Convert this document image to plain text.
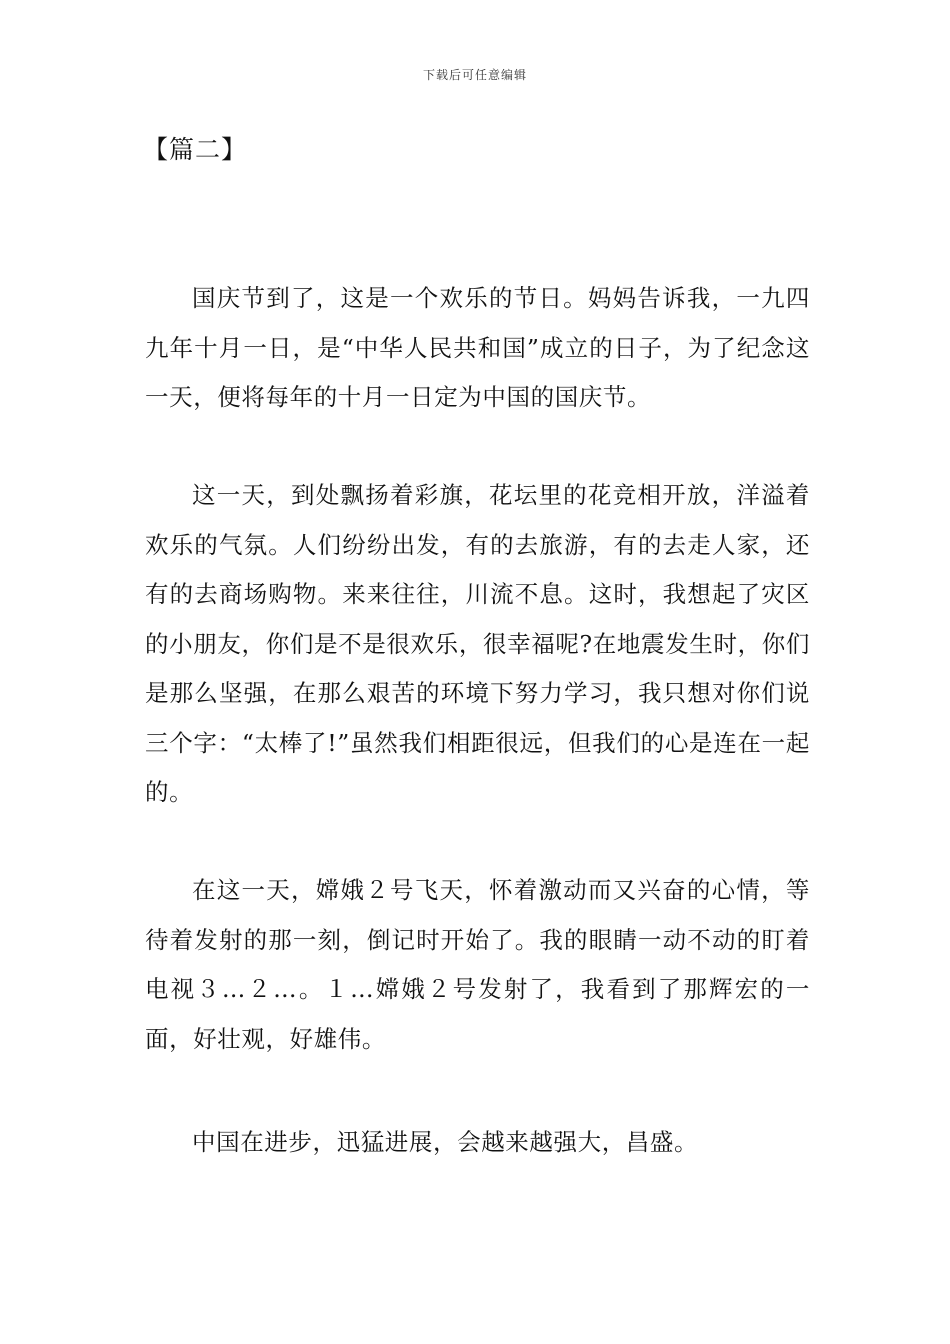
下载后可任意编辑
【篇二】

国庆节到了，这是一个欢乐的节日。妈妈告诉我，一九四九年十月一日，是“中华人民共和国”成立的日子，为了纪念这一天，便将每年的十月一日定为中国的国庆节。

这一天，到处飘扬着彩旗，花坛里的花竞相开放，洋溢着欢乐的气氛。人们纷纷出发，有的去旅游，有的去走人家，还有的去商场购物。来来往往，川流不息。这时，我想起了灾区的小朋友，你们是不是很欢乐，很幸福呢?在地震发生时，你们是那么坚强，在那么艰苦的环境下努力学习，我只想对你们说三个字：“太棒了!”虽然我们相距很远，但我们的心是连在一起的。

在这一天，嫦娥２号飞天，怀着激动而又兴奋的心情，等待着发射的那一刻，倒记时开始了。我的眼睛一动不动的盯着电视３…２…。１…嫦娥２号发射了，我看到了那辉宏的一面，好壮观，好雄伟。

中国在进步，迅猛进展，会越来越强大，昌盛。
